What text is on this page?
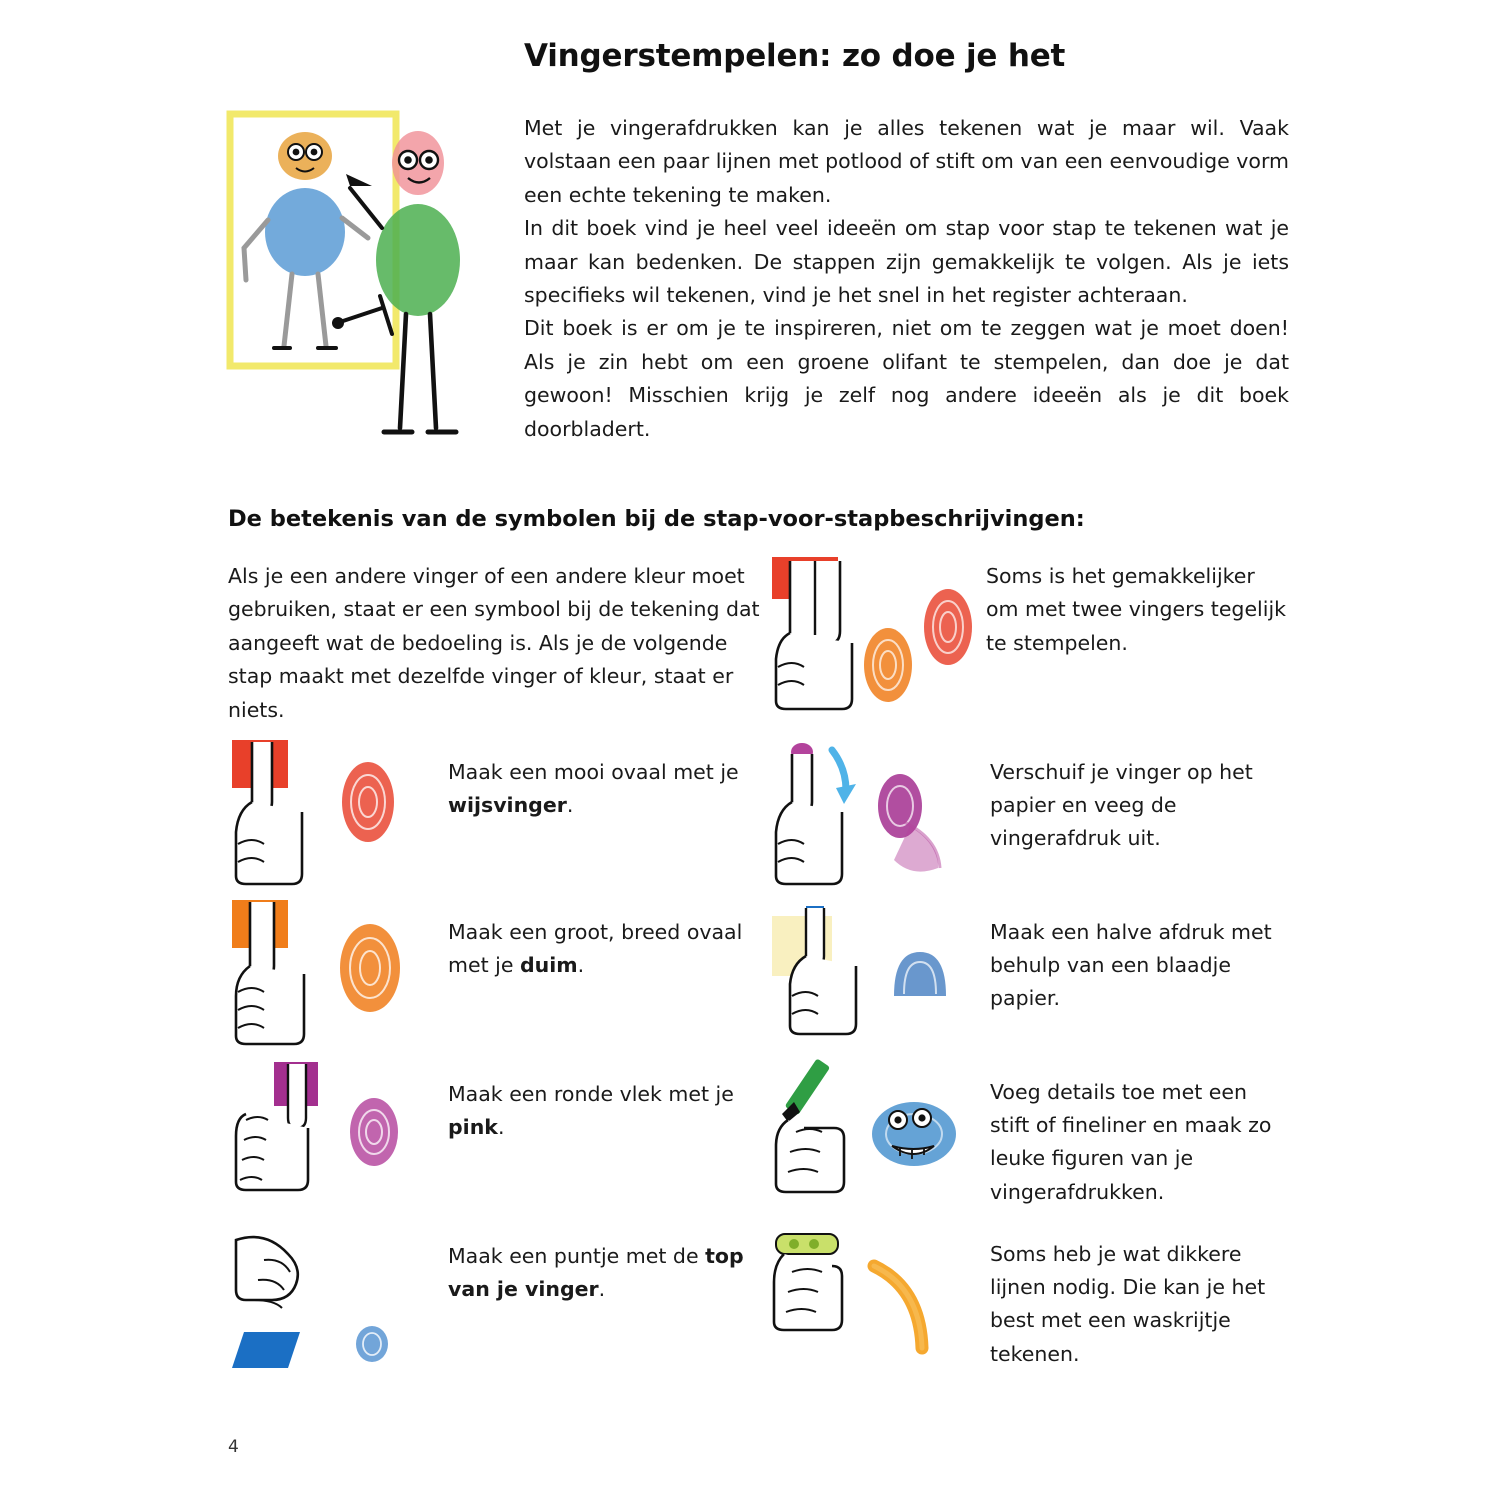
Vingerstempelen: zo doe je het

Met je vingerafdrukken kan je alles tekenen wat je maar wil. Vaak volstaan een paar lijnen met potlood of stift om van een eenvoudige vorm een echte tekening te maken.

In dit boek vind je heel veel ideeën om stap voor stap te tekenen wat je maar kan bedenken. De stappen zijn gemakkelijk te volgen. Als je iets specifieks wil tekenen, vind je het snel in het register achteraan.

Dit boek is er om je te inspireren, niet om te zeggen wat je moet doen! Als je zin hebt om een groene olifant te stempelen, dan doe je dat gewoon! Misschien krijg je zelf nog andere ideeën als je dit boek doorbladert.

De betekenis van de symbolen bij de stap-voor-stapbeschrijvingen:
Als je een andere vinger of een andere kleur moet gebruiken, staat er een symbool bij de tekening dat aangeeft wat de bedoeling is. Als je de volgende stap maakt met dezelfde vinger of kleur, staat er niets.
Soms is het gemakkelijker om met twee vingers tegelijk te stempelen.
Maak een mooi ovaal met je wijsvinger.
Maak een groot, breed ovaal met je duim.
Maak een ronde vlek met je pink.
Maak een puntje met de top van je vinger.
Verschuif je vinger op het papier en veeg de vingerafdruk uit.
Maak een halve afdruk met behulp van een blaadje papier.
Voeg details toe met een stift of fineliner en maak zo leuke figuren van je vingerafdrukken.
Soms heb je wat dikkere lijnen nodig. Die kan je het best met een waskrijtje tekenen.
4
